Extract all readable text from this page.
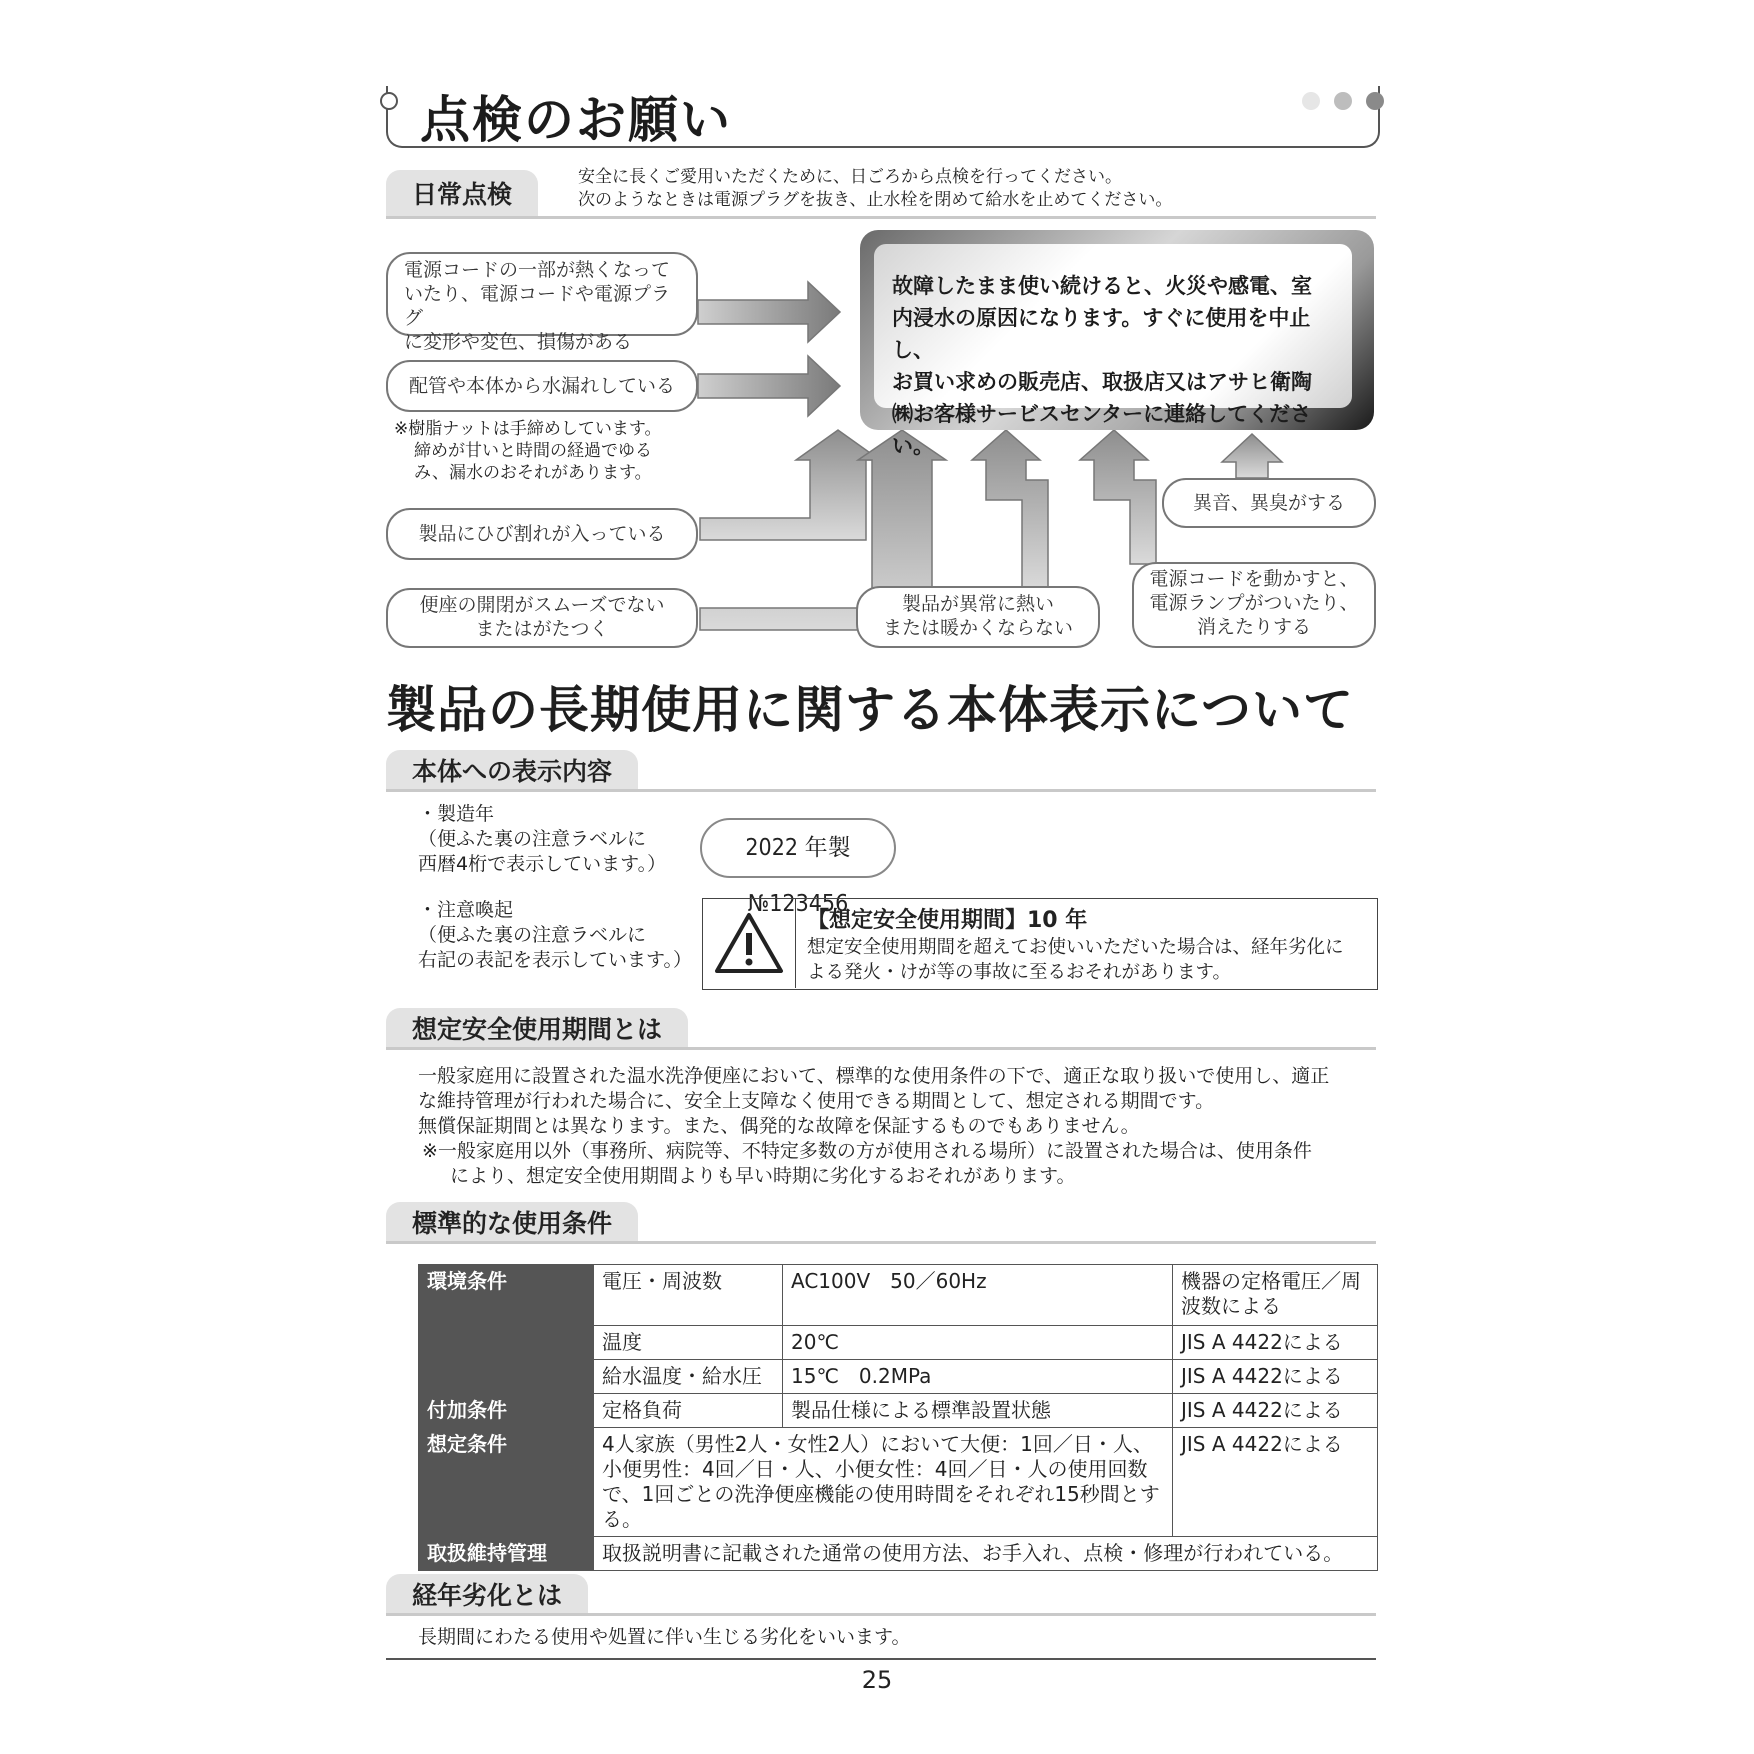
点検のお願い
日常点検
安全に長くご愛用いただくために、日ごろから点検を行ってください。
次のようなときは電源プラグを抜き、止水栓を閉めて給水を止めてください。
電源コードの一部が熱くなって
いたり、電源コードや電源プラグ
に変形や変色、損傷がある
配管や本体から水漏れしている
※樹脂ナットは手締めしています。
締めが甘いと時間の経過でゆる
み、漏水のおそれがあります。
製品にひび割れが入っている
便座の開閉がスムーズでない
またはがたつく
製品が異常に熱い
または暖かくならない
電源コードを動かすと、
電源ランプがついたり、
消えたりする
異音、異臭がする
故障したまま使い続けると、火災や感電、室
内浸水の原因になります。すぐに使用を中止し、
お買い求めの販売店、取扱店又はアサヒ衛陶
㈱お客様サービスセンターに連絡してください。
製品の長期使用に関する本体表示について
本体への表示内容
・製造年
（便ふた裏の注意ラベルに
西暦4桁で表示しています。）
2022 年製 №123456
・注意喚起
（便ふた裏の注意ラベルに
右記の表記を表示しています。）
【想定安全使用期間】10 年
想定安全使用期間を超えてお使いいただいた場合は、経年劣化に
よる発火・けが等の事故に至るおそれがあります。
想定安全使用期間とは
一般家庭用に設置された温水洗浄便座において、標準的な使用条件の下で、適正な取り扱いで使用し、適正
な維持管理が行われた場合に、安全上支障なく使用できる期間として、想定される期間です。
無償保証期間とは異なります。また、偶発的な故障を保証するものでもありません。
※一般家庭用以外（事務所、病院等、不特定多数の方が使用される場所）に設置された場合は、使用条件
により、想定安全使用期間よりも早い時期に劣化するおそれがあります。
標準的な使用条件
環境条件	電圧・周波数	AC100V　50／60Hz	機器の定格電圧／周波数による
	温度	20℃	JIS A 4422による
	給水温度・給水圧	15℃　0.2MPa	JIS A 4422による
付加条件	定格負荷	製品仕様による標準設置状態	JIS A 4422による
想定条件	4人家族（男性2人・女性2人）において大便：1回／日・人、小便男性：4回／日・人、小便女性：4回／日・人の使用回数で、1回ごとの洗浄便座機能の使用時間をそれぞれ15秒間とする。		JIS A 4422による
取扱維持管理	取扱説明書に記載された通常の使用方法、お手入れ、点検・修理が行われている。		
経年劣化とは
長期間にわたる使用や処置に伴い生じる劣化をいいます。
25
